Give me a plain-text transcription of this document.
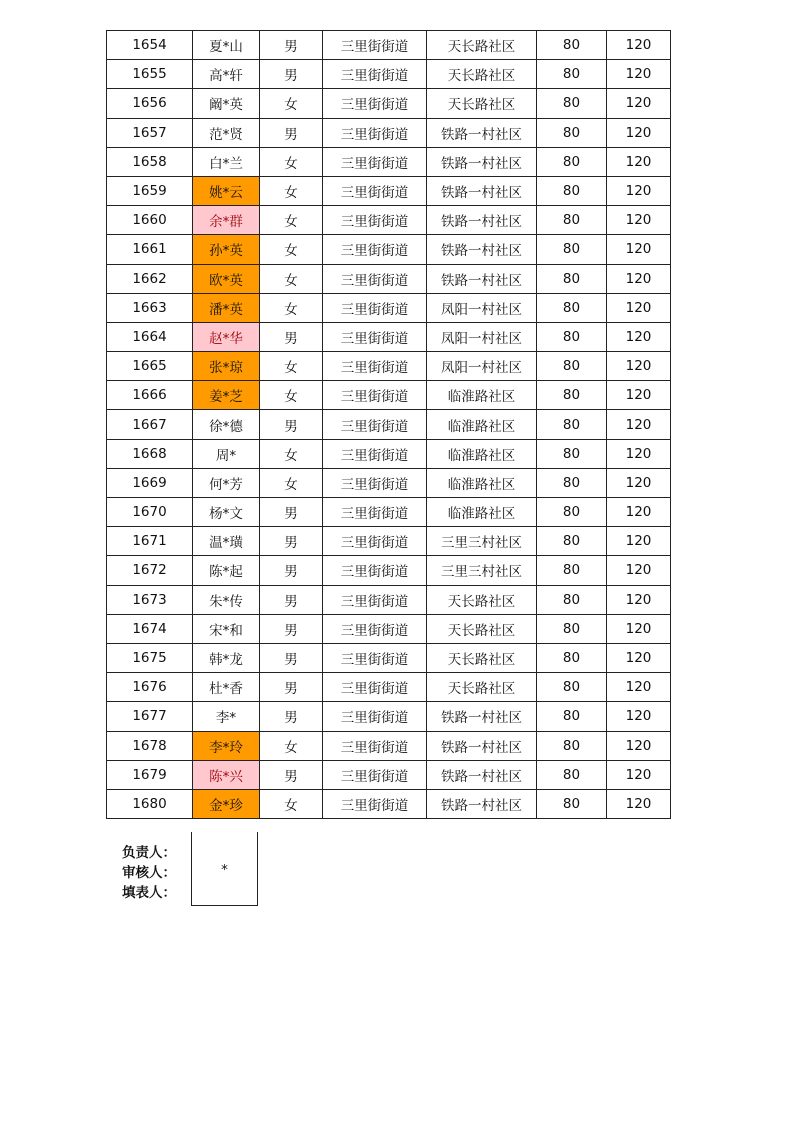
1654	夏*山	男	三里街街道	天长路社区	80	120
1655	高*轩	男	三里街街道	天长路社区	80	120
1656	阚*英	女	三里街街道	天长路社区	80	120
1657	范*贤	男	三里街街道	铁路一村社区	80	120
1658	白*兰	女	三里街街道	铁路一村社区	80	120
1659	姚*云	女	三里街街道	铁路一村社区	80	120
1660	余*群	女	三里街街道	铁路一村社区	80	120
1661	孙*英	女	三里街街道	铁路一村社区	80	120
1662	欧*英	女	三里街街道	铁路一村社区	80	120
1663	潘*英	女	三里街街道	凤阳一村社区	80	120
1664	赵*华	男	三里街街道	凤阳一村社区	80	120
1665	张*琼	女	三里街街道	凤阳一村社区	80	120
1666	姜*芝	女	三里街街道	临淮路社区	80	120
1667	徐*德	男	三里街街道	临淮路社区	80	120
1668	周*	女	三里街街道	临淮路社区	80	120
1669	何*芳	女	三里街街道	临淮路社区	80	120
1670	杨*文	男	三里街街道	临淮路社区	80	120
1671	温*璜	男	三里街街道	三里三村社区	80	120
1672	陈*起	男	三里街街道	三里三村社区	80	120
1673	朱*传	男	三里街街道	天长路社区	80	120
1674	宋*和	男	三里街街道	天长路社区	80	120
1675	韩*龙	男	三里街街道	天长路社区	80	120
1676	杜*香	男	三里街街道	天长路社区	80	120
1677	李*	男	三里街街道	铁路一村社区	80	120
1678	李*玲	女	三里街街道	铁路一村社区	80	120
1679	陈*兴	男	三里街街道	铁路一村社区	80	120
1680	金*珍	女	三里街街道	铁路一村社区	80	120
负责人：
审核人：
填表人：
*
